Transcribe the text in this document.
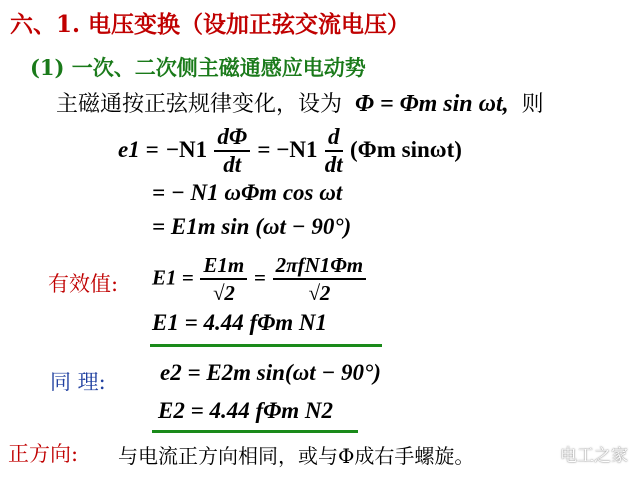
六、1. 电压变换（设加正弦交流电压）
(1) 一次、二次侧主磁通感应电动势
主磁通按正弦规律变化，设为 Φ = Φm sin ωt, 则
$e1 = -N1 \frac{d\Phi}{dt} = -N1 \frac{d}{dt} (\Phi m$ sinωt)
= − N1 ωΦm cos ωt
= E1m sin (ωt − 90°)
有效值: $E1 = \frac{E1m}{√2} = \frac{\text{2πfN1Φm}}{√2}$
E1 = 4.44 fΦm N1
同 理: e2 = E2m sin(ωt − 90°)
E2 = 4.44 fΦm N2
正方向: 与电流正方向相同，或与Φ成右手螺旋。	电工之家
